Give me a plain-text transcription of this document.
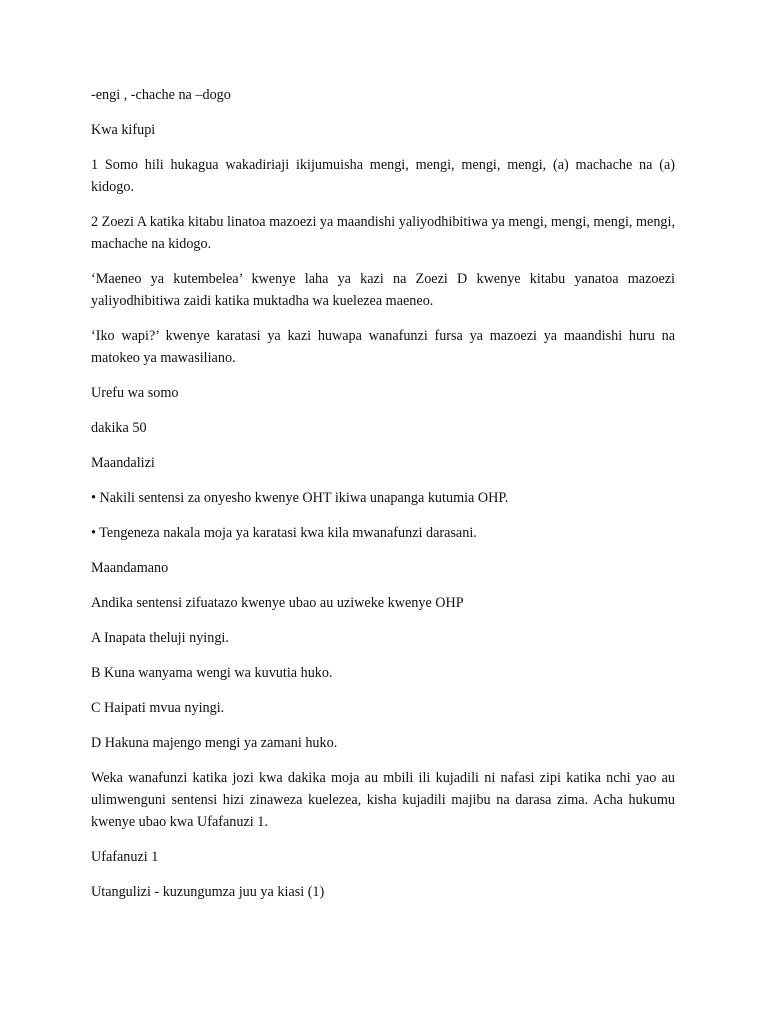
-engi , -chache na –dogo

Kwa kifupi

1 Somo hili hukagua wakadiriaji ikijumuisha mengi, mengi, mengi, mengi, (a) machache na (a) kidogo.

2 Zoezi A katika kitabu linatoa mazoezi ya maandishi yaliyodhibitiwa ya mengi, mengi, mengi, mengi, machache na kidogo.

‘Maeneo ya kutembelea’ kwenye laha ya kazi na Zoezi D kwenye kitabu yanatoa mazoezi yaliyodhibitiwa zaidi katika muktadha wa kuelezea maeneo.

‘Iko wapi?’ kwenye karatasi ya kazi huwapa wanafunzi fursa ya mazoezi ya maandishi huru na matokeo ya mawasiliano.

Urefu wa somo

dakika 50

Maandalizi

• Nakili sentensi za onyesho kwenye OHT ikiwa unapanga kutumia OHP.

• Tengeneza nakala moja ya karatasi kwa kila mwanafunzi darasani.

Maandamano

Andika sentensi zifuatazo kwenye ubao au uziweke kwenye OHP

A Inapata theluji nyingi.

B Kuna wanyama wengi wa kuvutia huko.

C Haipati mvua nyingi.

D Hakuna majengo mengi ya zamani huko.

Weka wanafunzi katika jozi kwa dakika moja au mbili ili kujadili ni nafasi zipi katika nchi yao au ulimwenguni sentensi hizi zinaweza kuelezea, kisha kujadili majibu na darasa zima. Acha hukumu kwenye ubao kwa Ufafanuzi 1.

Ufafanuzi 1

Utangulizi - kuzungumza juu ya kiasi (1)
